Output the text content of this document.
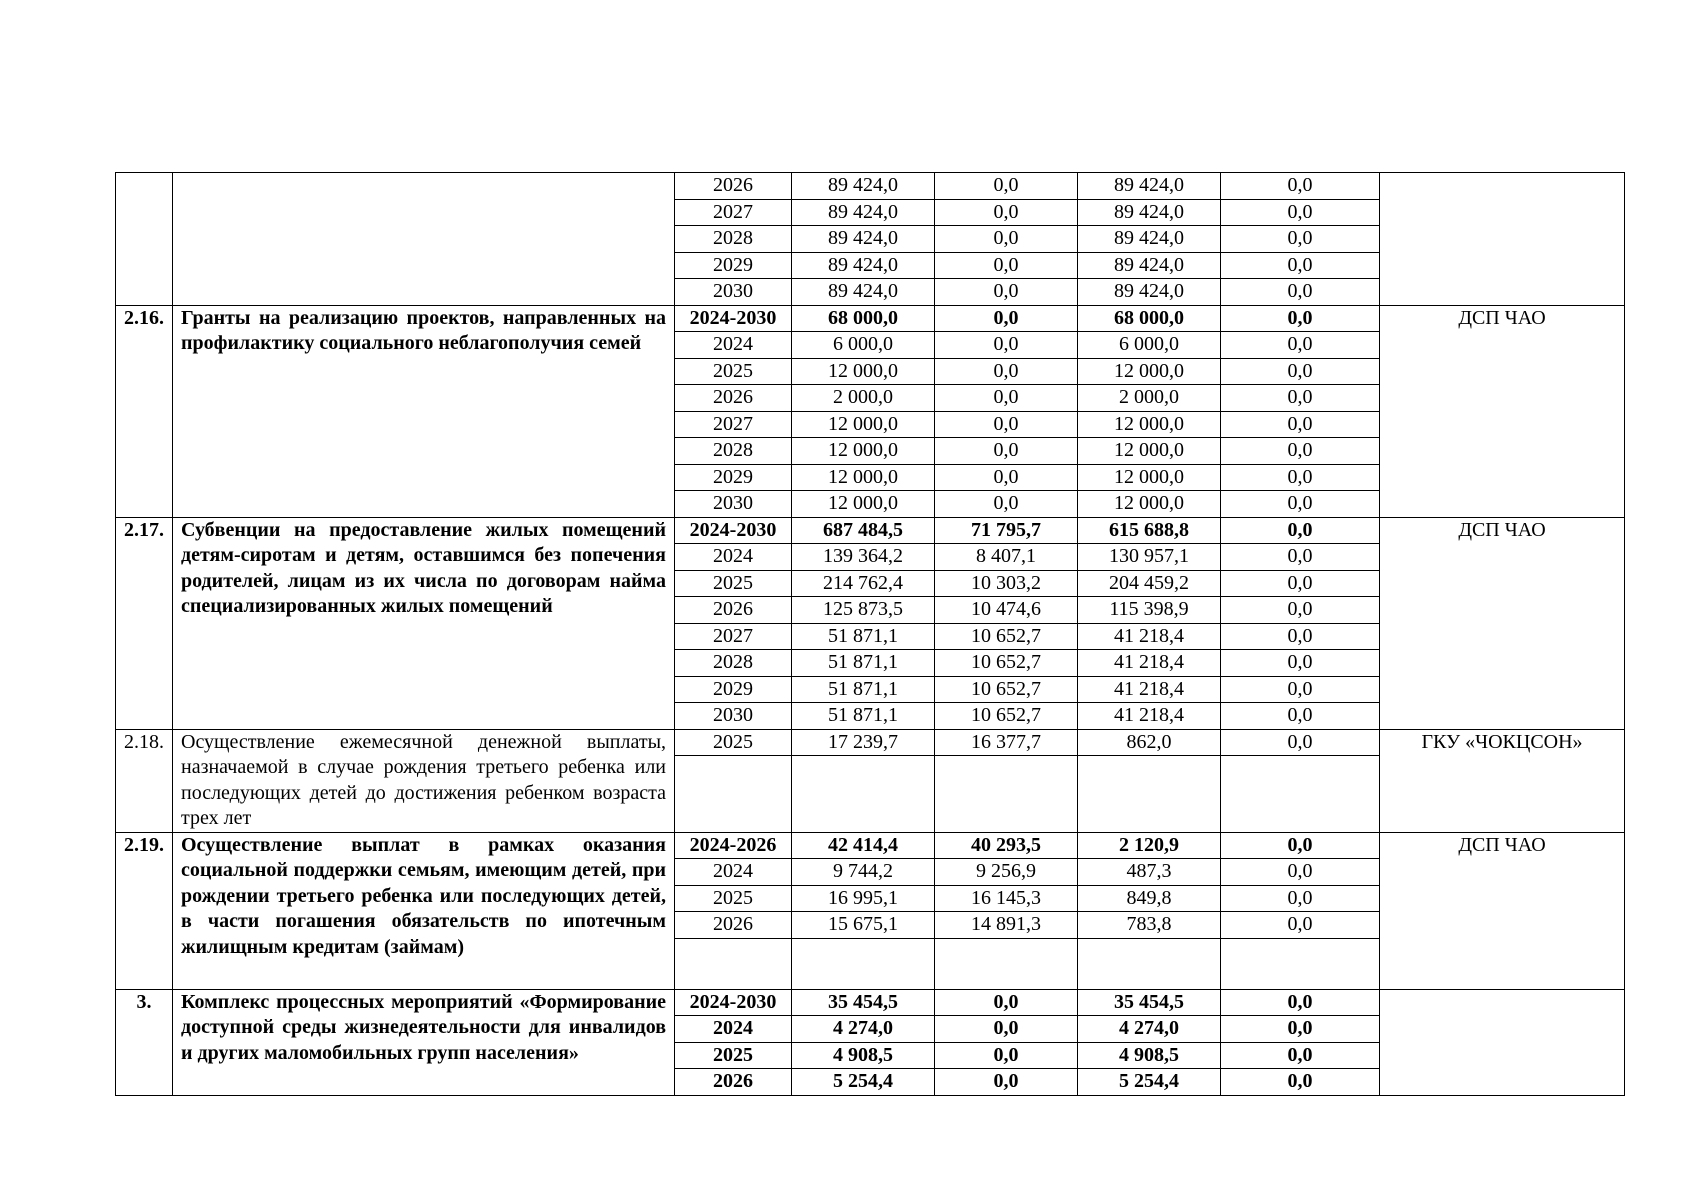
		2026	89 424,0	0,0	89 424,0	0,0	
		2027	89 424,0	0,0	89 424,0	0,0	
		2028	89 424,0	0,0	89 424,0	0,0	
		2029	89 424,0	0,0	89 424,0	0,0	
		2030	89 424,0	0,0	89 424,0	0,0	
2.16.	Гранты на реализацию проектов, направленных на профилактику социального неблагополучия семей	2024-2030	68 000,0	0,0	68 000,0	0,0	ДСП ЧАО
		2024	6 000,0	0,0	6 000,0	0,0	
		2025	12 000,0	0,0	12 000,0	0,0	
		2026	2 000,0	0,0	2 000,0	0,0	
		2027	12 000,0	0,0	12 000,0	0,0	
		2028	12 000,0	0,0	12 000,0	0,0	
		2029	12 000,0	0,0	12 000,0	0,0	
		2030	12 000,0	0,0	12 000,0	0,0	
2.17.	Субвенции на предоставление жилых помещений детям-сиротам и детям, оставшимся без попечения родителей, лицам из их числа по договорам найма специализированных жилых помещений	2024-2030	687 484,5	71 795,7	615 688,8	0,0	ДСП ЧАО
		2024	139 364,2	8 407,1	130 957,1	0,0	
		2025	214 762,4	10 303,2	204 459,2	0,0	
		2026	125 873,5	10 474,6	115 398,9	0,0	
		2027	51 871,1	10 652,7	41 218,4	0,0	
		2028	51 871,1	10 652,7	41 218,4	0,0	
		2029	51 871,1	10 652,7	41 218,4	0,0	
		2030	51 871,1	10 652,7	41 218,4	0,0	
2.18.	Осуществление ежемесячной денежной выплаты, назначаемой в случае рождения третьего ребенка или последующих детей до достижения ребенком возраста трех лет	2025	17 239,7	16 377,7	862,0	0,0	ГКУ «ЧОКЦСОН»

2.19.	Осуществление выплат в рамках оказания социальной поддержки семьям, имеющим детей, при рождении третьего ребенка или последующих детей, в части погашения обязательств по ипотечным жилищным кредитам (займам)	2024-2026	42 414,4	40 293,5	2 120,9	0,0	ДСП ЧАО
		2024	9 744,2	9 256,9	487,3	0,0	
		2025	16 995,1	16 145,3	849,8	0,0	
		2026	15 675,1	14 891,3	783,8	0,0	

3.	Комплекс процессных мероприятий «Формирование доступной среды жизнедеятельности для инвалидов и других маломобильных групп населения»	2024-2030	35 454,5	0,0	35 454,5	0,0	
		2024	4 274,0	0,0	4 274,0	0,0	
		2025	4 908,5	0,0	4 908,5	0,0	
		2026	5 254,4	0,0	5 254,4	0,0	
